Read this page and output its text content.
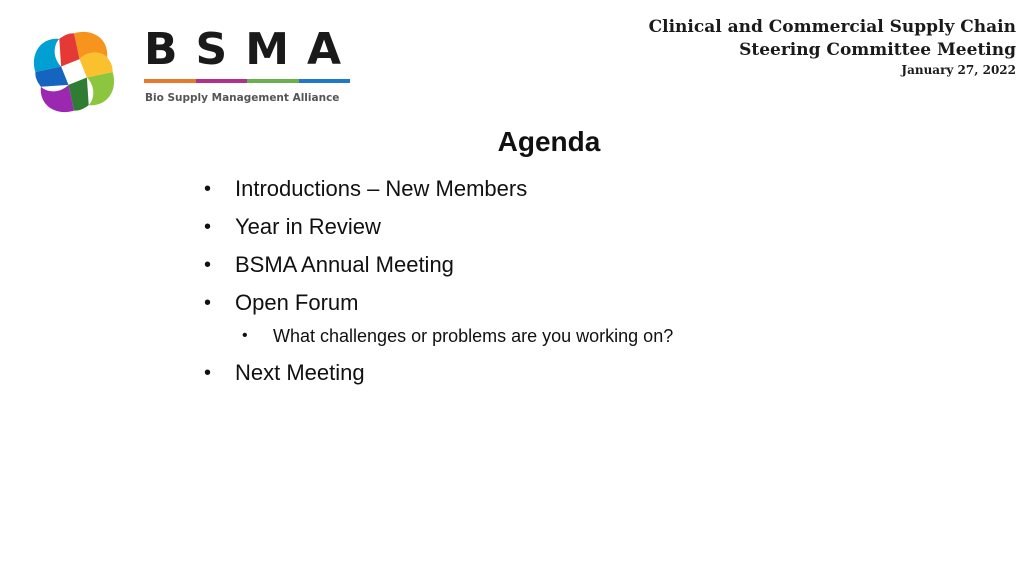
BSMA
Bio Supply Management Alliance
Clinical and Commercial Supply Chain
Steering Committee Meeting
January 27, 2022
Agenda
•	Introductions – New Members
•	Year in Review
•	BSMA Annual Meeting
•	Open Forum
•	What challenges or problems are you working on?
•	Next Meeting
